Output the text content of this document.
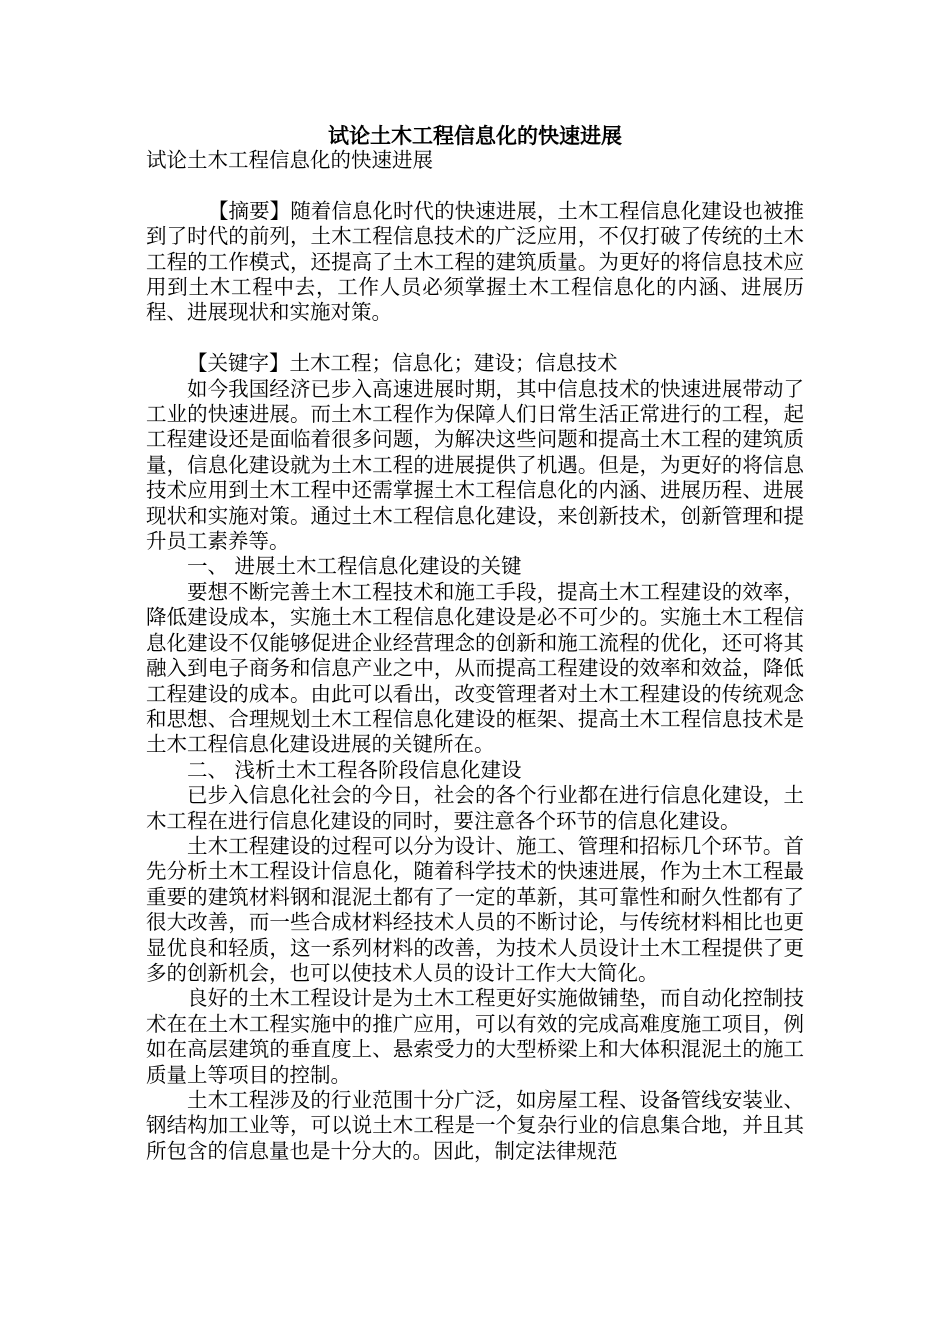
试论土木工程信息化的快速进展

试论土木工程信息化的快速进展

【摘要】随着信息化时代的快速进展，土木工程信息化建设也被推到了时代的前列，土木工程信息技术的广泛应用，不仅打破了传统的土木工程的工作模式，还提高了土木工程的建筑质量。为更好的将信息技术应用到土木工程中去，工作人员必须掌握土木工程信息化的内涵、进展历程、进展现状和实施对策。

【关键字】土木工程；信息化；建设；信息技术

如今我国经济已步入高速进展时期，其中信息技术的快速进展带动了工业的快速进展。而土木工程作为保障人们日常生活正常进行的工程，起工程建设还是面临着很多问题，为解决这些问题和提高土木工程的建筑质量，信息化建设就为土木工程的进展提供了机遇。但是，为更好的将信息技术应用到土木工程中还需掌握土木工程信息化的内涵、进展历程、进展现状和实施对策。通过土木工程信息化建设，来创新技术，创新管理和提升员工素养等。

一、 进展土木工程信息化建设的关键

要想不断完善土木工程技术和施工手段，提高土木工程建设的效率，降低建设成本，实施土木工程信息化建设是必不可少的。实施土木工程信息化建设不仅能够促进企业经营理念的创新和施工流程的优化，还可将其融入到电子商务和信息产业之中，从而提高工程建设的效率和效益，降低工程建设的成本。由此可以看出，改变管理者对土木工程建设的传统观念和思想、合理规划土木工程信息化建设的框架、提高土木工程信息技术是土木工程信息化建设进展的关键所在。

二、 浅析土木工程各阶段信息化建设

已步入信息化社会的今日，社会的各个行业都在进行信息化建设，土木工程在进行信息化建设的同时，要注意各个环节的信息化建设。

土木工程建设的过程可以分为设计、施工、管理和招标几个环节。首先分析土木工程设计信息化，随着科学技术的快速进展，作为土木工程最重要的建筑材料钢和混泥土都有了一定的革新，其可靠性和耐久性都有了很大改善，而一些合成材料经技术人员的不断讨论，与传统材料相比也更显优良和轻质，这一系列材料的改善，为技术人员设计土木工程提供了更多的创新机会，也可以使技术人员的设计工作大大简化。

良好的土木工程设计是为土木工程更好实施做铺垫，而自动化控制技术在在土木工程实施中的推广应用，可以有效的完成高难度施工项目，例如在高层建筑的垂直度上、悬索受力的大型桥梁上和大体积混泥土的施工质量上等项目的控制。

土木工程涉及的行业范围十分广泛，如房屋工程、设备管线安装业、钢结构加工业等，可以说土木工程是一个复杂行业的信息集合地，并且其所包含的信息量也是十分大的。因此，制定法律规范
